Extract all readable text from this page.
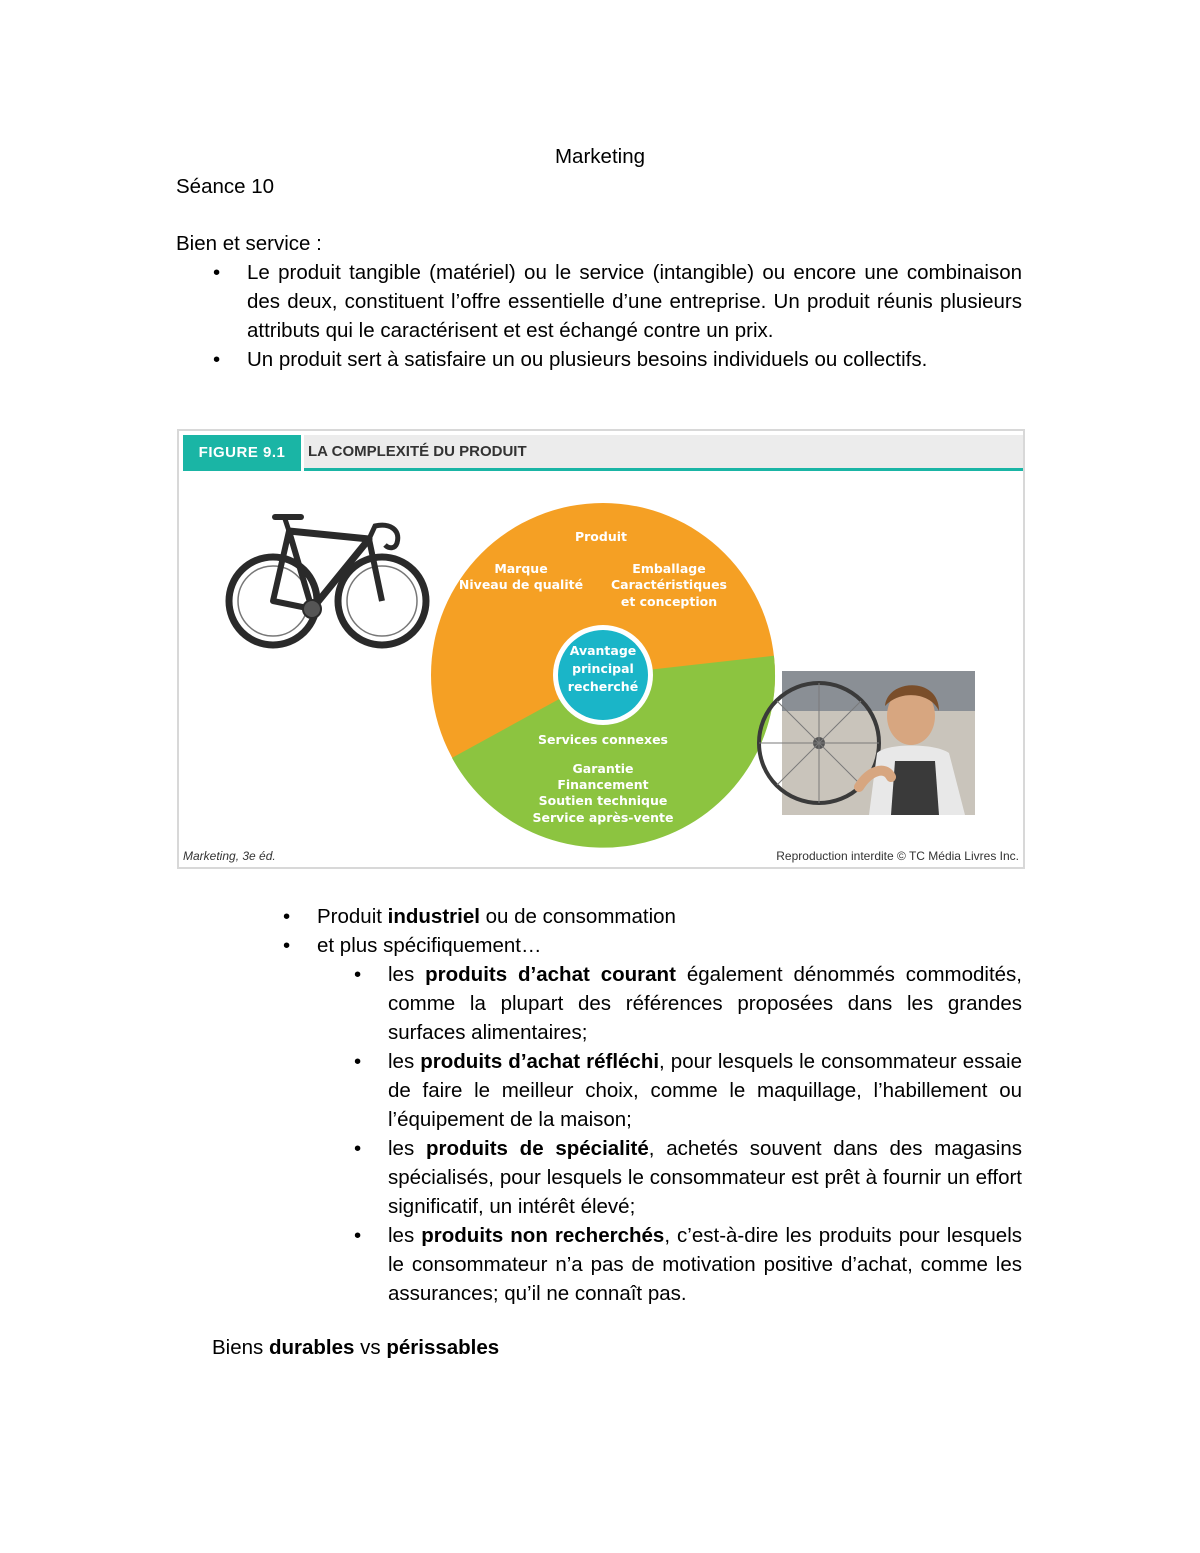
Marketing
Séance 10
Bien et service :
• Le produit tangible (matériel) ou le service (intangible) ou encore une combinaison des deux, constituent l’offre essentielle d’une entreprise. Un produit réunis plusieurs attributs qui le caractérisent et est échangé contre un prix.
• Un produit sert à satisfaire un ou plusieurs besoins individuels ou collectifs.
Produit
Marque
Niveau de qualité
Emballage
Caractéristiques
et conception
Avantage
principal
recherché
Services connexes
Garantie
Financement
Soutien technique
Service après-vente
FIGURE 9.1	LA COMPLEXITÉ DU PRODUIT
Marketing, 3e éd.	Reproduction interdite © TC Média Livres Inc.
• Produit industriel ou de consommation
• et plus spécifiquement…
• les produits d’achat courant également dénommés commodités, comme la plupart des références proposées dans les grandes surfaces alimentaires;
• les produits d’achat réfléchi, pour lesquels le consommateur essaie de faire le meilleur choix, comme le maquillage, l’habillement ou l’équipement de la maison;
• les produits de spécialité, achetés souvent dans des magasins spécialisés, pour lesquels le consommateur est prêt à fournir un effort significatif, un intérêt élevé;
• les produits non recherchés, c’est-à-dire les produits pour lesquels le consommateur n’a pas de motivation positive d’achat, comme les assurances; qu’il ne connaît pas.
Biens durables vs périssables
